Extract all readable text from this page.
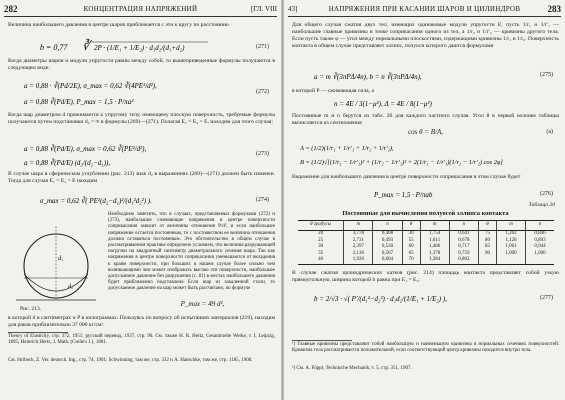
282	КОНЦЕНТРАЦИЯ НАПРЯЖЕНИЙ	[ГЛ. VIII
Величина наибольшего давления в центре шаров приближается с эти к кругу по расстоянию
b = 0,77 ∛ 2P · (1/E₁ + 1/E₂) · d₁d₂/(d₁+d₂)	(271)
Когда диаметры шаров и модули упругости равны между собой, то вышеприведенные формулы получаются в следующем виде:
a = 0,88 · ∛(Pd/2E), σ_max = 0,62 ∛(4PE²/d²),
a = 0,88 ∛(Pd/E), P_max = 1,5 · P/πa²
(272)
Когда шар диаметром d прижимается к упругому телу, имеющему плоскую поверхность, требуемые формулы получаются путем подстановки d₂ = ∞ в формулы (269)—(271). Полагая E₁ = E₂ = E, находим для этого случая:
a = 0,88 ∛(Pd/E), σ_max = 0,62 ∛(PE²/d²),
a = 0,88 ∛(Pd/E) (d₂/(d₂−d₁)),
(273)
В случае шара в сферическом углублении (рис. 213) знак d₂ в выражениях (269)—(271) должен быть изменен. Тогда для случая E₁ = E₂ = E находим
σ_max = 0,62 ∛( PE²(d₂−d₁)²/(d₁²d₂²) ).	(274)
Необходимо заметить, что в случаях, представляемых формулами (272) и (273), наибольшие сжимающие напряжения в центре поверхности соприкасания зависят от величины отношения P/d², и если наибольшее напряжение остается постоянным, то с постоянством ее величина отношения должна оставаться постоянным. Это обстоятельство в общем случае в рассматриваемом практике определено условием, что величина разрушающей нагрузки на квадратный сантиметр диаметрального сечения шара. Так как напряжения в центре поверхности соприкасания уменьшаются от вкладения к краям поверхности, при больших в нашем случае более сильно чем возникающими чем может изображать высоко эти поверхности, наибольшее допускаемое давление без разрушения (с. 81) в местах наибольшего давления будет приближенно подставлено Если шар из закаленной стали, то допускаемое давление на шар может быть рассчитано, по формуле
d₁
d₂
Рис. 213.
P_max = 49 d²,
в которой d в сантиметрах и P в килограммах. Пользуясь по вопросу об испытаниях материалов (219), находим для раков приблизительно 37 000 кг/см².
Theory of Elasticity, стр. 372, 1951; русский перевод, 1937, стр. 96. См. также H. R. Hertz, Gesammelte Werke, т. I, Leipzig, 1895; Heinrich Hertz, J. Math. (Crelle's J.), 1881.
См. Stribeck, Z. Ver. deutsch. Ing., стр. 74, 1901; Schwinning, там же, стр. 332 и A. Hanschke, там же, стр. 1185, 1908.
43]	НАПРЯЖЕНИЯ ПРИ КАСАНИИ ШАРОВ И ЦИЛИНДРОВ	283
Для общего случая сжатия двух тел, имеющих одинаковые модули упругости E, пусть 1/r₁ и 1/r′₁ — наибольшие главные кривизны в точке соприкасания одного из тел, а 1/r₂ и 1/r′₂ — кривизны другого тела. Если пусть также φ — угол между нормальными плоскостями, содержащими кривизны 1/r₁ и 1/r₂. Поверхность контакта в общем случае представляет эллипс, полуоси которого даются формулами
a = m ∛(3πPΔ/4n), b = n ∛(3πPΔ/4n),	(275)
в которой P — сжимающая сила, а
n = 4E / 3(1−μ²), Δ = 4E / 8(1−μ²)
Постоянные m и n берутся из табл. 20 для каждого частного случая. Угол θ в первой колонке таблицы вычисляется из соотношения
cos θ = B/A,	(а)
A = (1/2)(1/r₁ + 1/r′₁ + 1/r₂ + 1/r′₂),
B = (1/2)√[(1/r₁ − 1/r′₁)² + (1/r₂ − 1/r′₂)² + 2(1/r₁ − 1/r′₁)(1/r₂ − 1/r′₂) cos 2φ]
Выражение для наибольшего давления в центре поверхности соприкасания в этом случае будет
P_max = 1,5 · P/πab	(276)
Таблица 20
Постоянные для вычисления полуосей эллипса контакта
θ градусы	m	n	θ	m	n	θ	m	n
20	3,778	0,408	30	1,754	0,641	75	1,202	0,846
25	2,731	0,493	55	1,611	0,678	80	1,128	0,893
30	2,397	0,530	60	1,486	0,717	85	1,061	0,944
35	2,136	0,567	65	1,378	0,759	90	1,000	1,000
40	1,926	0,604	70	1,284	0,802			
В случае сжатия цилиндрических катков (рис. 214) площадь контакта представляет собой узкую прямоугольную, ширина которой b равна при E₁ = E₂:
b = 2/√3 · √( P′/(d₁²−d₂²) · d₁d₂/(1/E₁ + 1/E₂) ),	(277)
¹) Главные кривизны представляют собой наибольшую и наименьшую кривизны в нормальных сечениях поверхностей. Кривизна тела рассматривается положительной, если соответствующий центр кривизны находится внутри тела.
²) См. A. Föppl, Technische Mechanik, т. 5, стр. 351, 1907.
